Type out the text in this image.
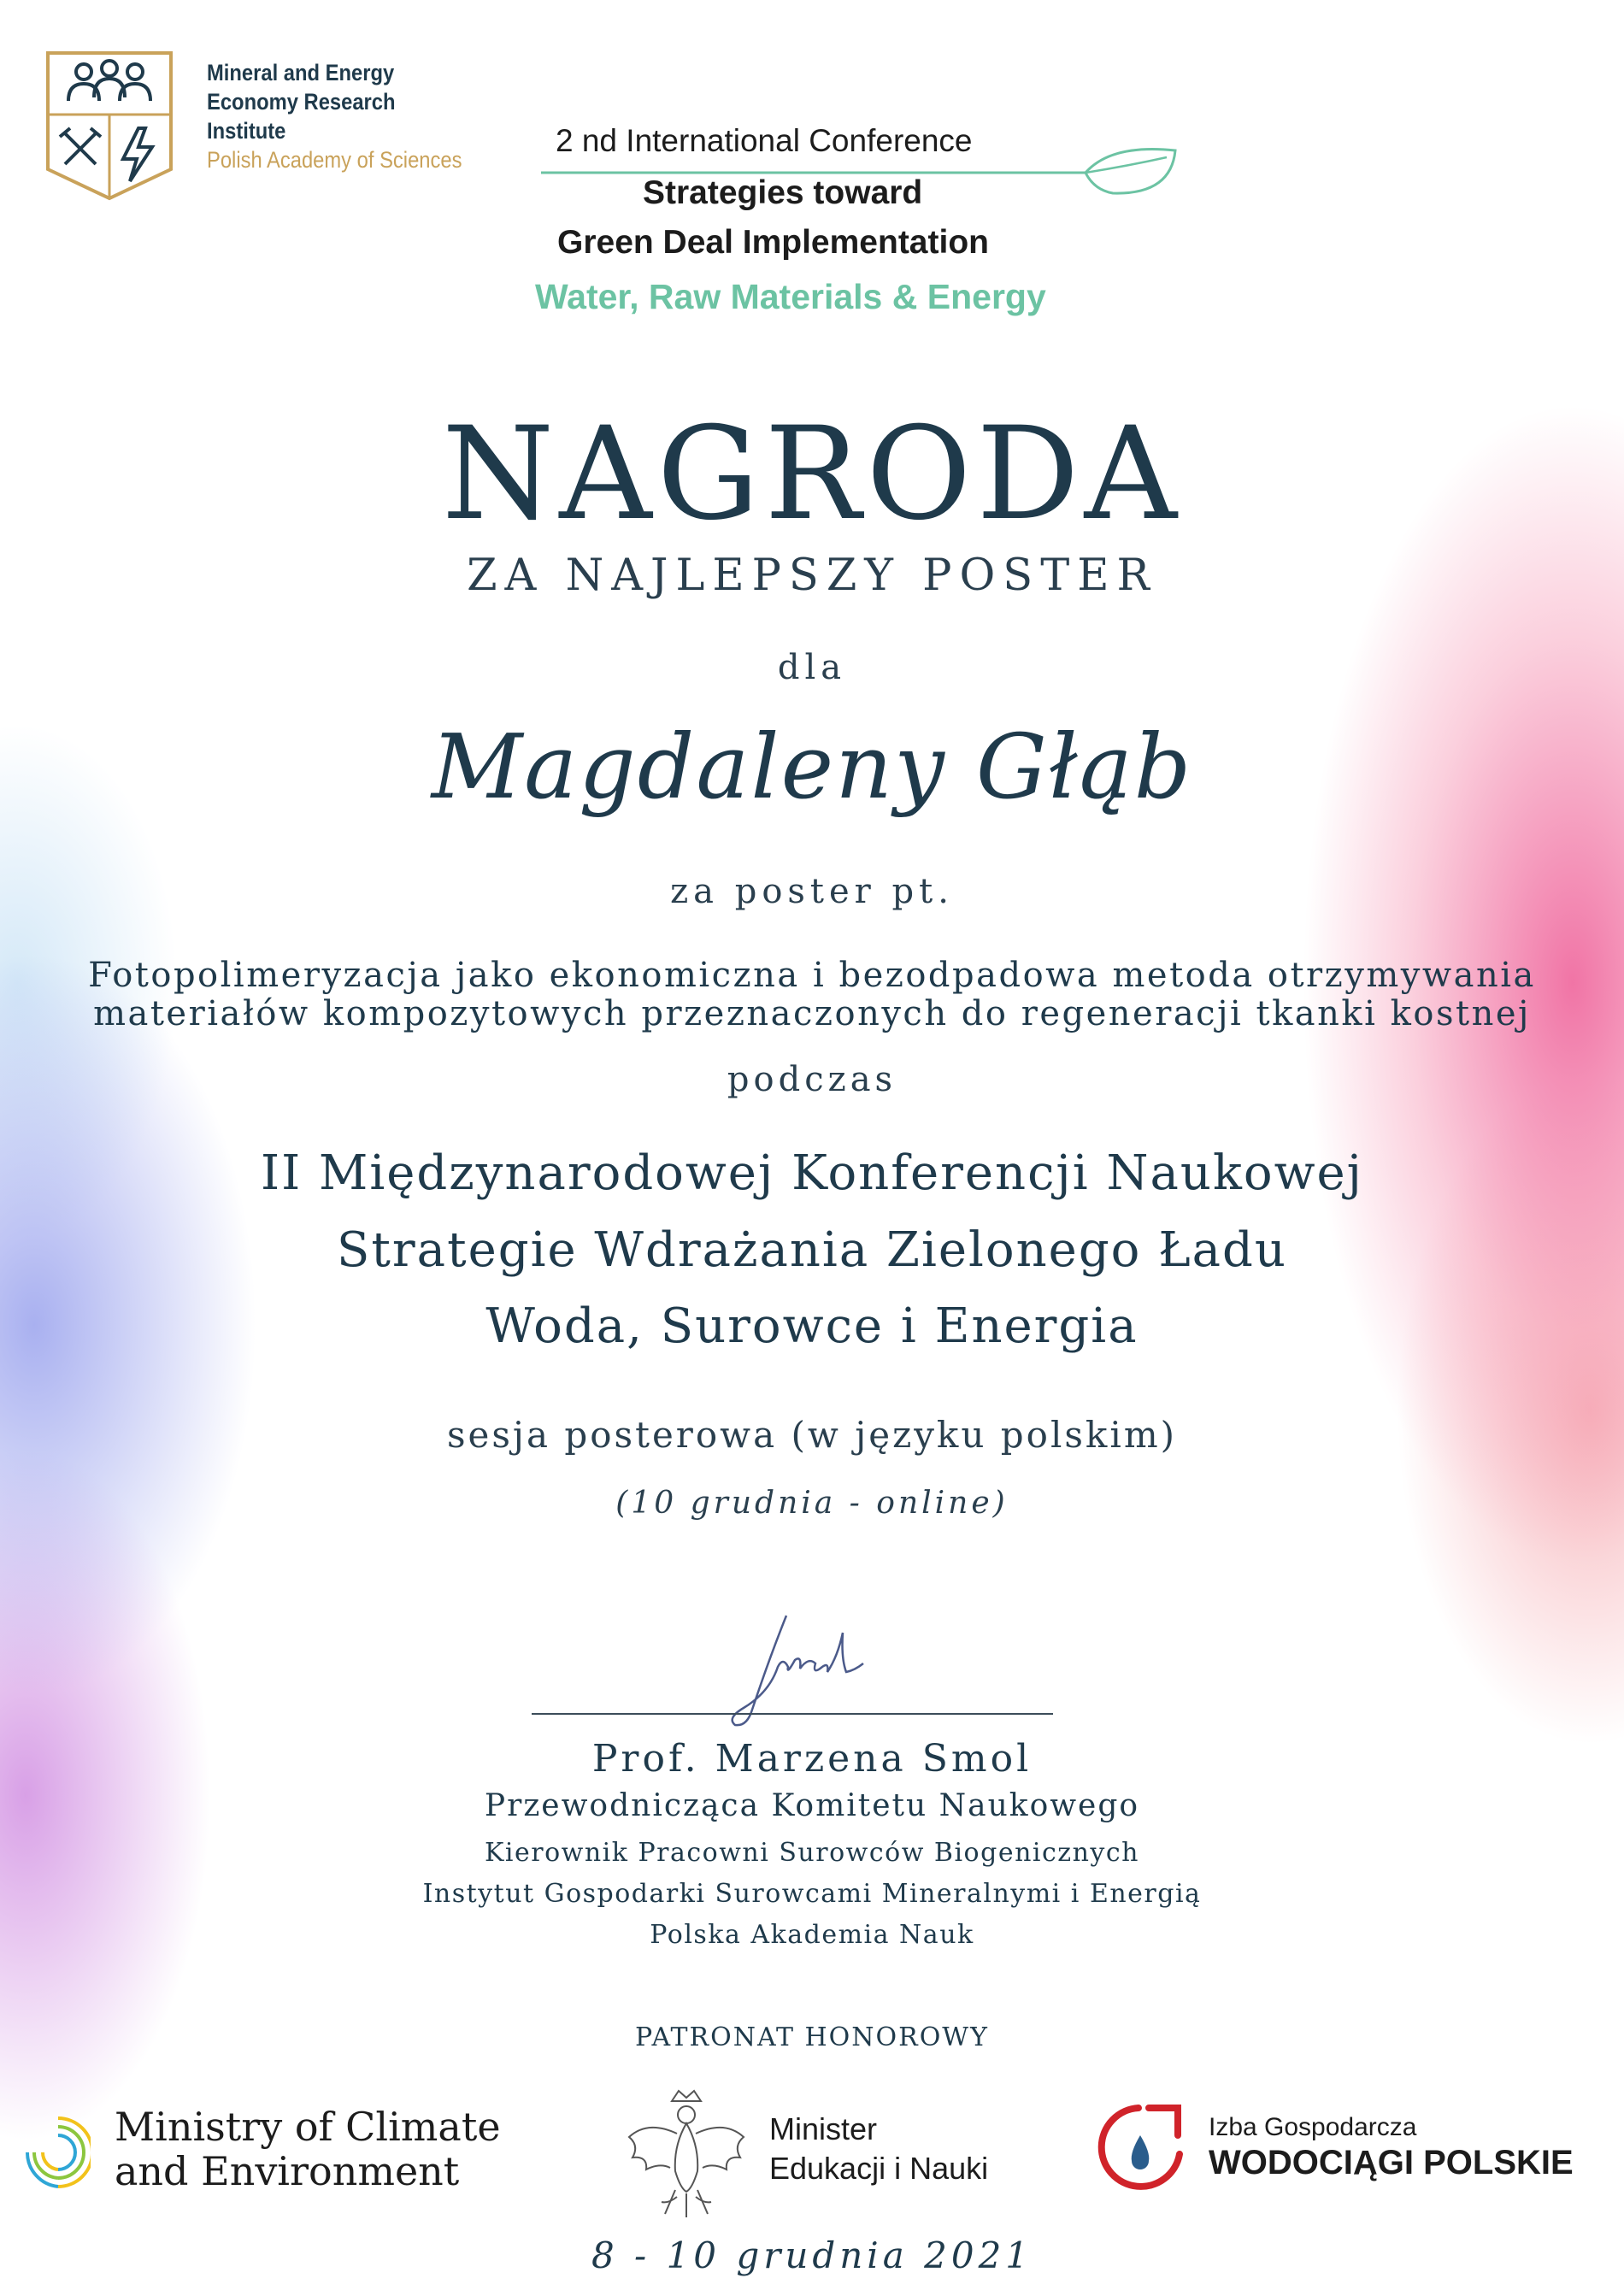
Mineral and Energy
Economy Research
Institute
Polish Academy of Sciences
2 nd International Conference
Strategies toward
Green Deal Implementation
Water, Raw Materials & Energy
NAGRODA
ZA NAJLEPSZY POSTER
dla
Magdaleny Głąb
za poster pt.
Fotopolimeryzacja jako ekonomiczna i bezodpadowa metoda otrzymywania
materiałów kompozytowych przeznaczonych do regeneracji tkanki kostnej
podczas
II Międzynarodowej Konferencji Naukowej
Strategie Wdrażania Zielonego Ładu
Woda, Surowce i Energia
sesja posterowa (w języku polskim)
(10 grudnia - online)
Prof. Marzena Smol
Przewodnicząca Komitetu Naukowego
Kierownik Pracowni Surowców Biogenicznych
Instytut Gospodarki Surowcami Mineralnymi i Energią
Polska Akademia Nauk
PATRONAT HONOROWY
Ministry of Climate
and Environment
Minister
Edukacji i Nauki
Izba Gospodarcza
WODOCIĄGI POLSKIE
8 - 10 grudnia 2021
